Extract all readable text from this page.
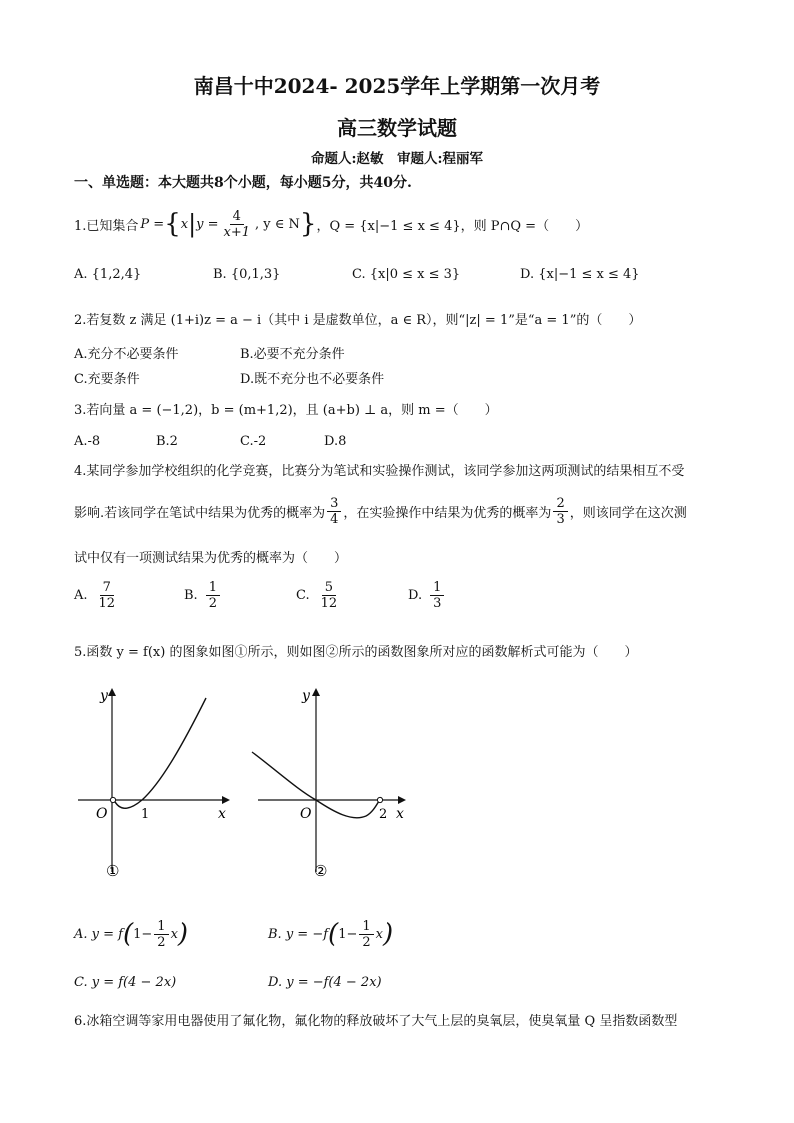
南昌十中2024- 2025学年上学期第一次月考
高三数学试题
命题人:赵敏　审题人:程丽军
一、单选题：本大题共8个小题，每小题5分，共40分.
1.已知集合 P = { x | $y = \frac{4}{x+1}$ , y ∈ N } ，Q = {x|−1 ≤ x ≤ 4}，则 P∩Q =（　　）
A. {1,2,4}	B. {0,1,3}	C. {x|0 ≤ x ≤ 3}	D. {x|−1 ≤ x ≤ 4}
2.若复数 z 满足 (1+i)z = a − i（其中 i 是虚数单位，a ∈ R），则“|z| = 1”是“a = 1”的（　　）
A.充分不必要条件	B.必要不充分条件
C.充要条件	D.既不充分也不必要条件
3.若向量 a = (−1,2)，b = (m+1,2)，且 (a+b) ⊥ a，则 m =（　　）
A.-8	B.2	C.-2	D.8
4.某同学参加学校组织的化学竞赛，比赛分为笔试和实验操作测试，该同学参加这两项测试的结果相互不受
影响.若该同学在笔试中结果为优秀的概率为 $\frac{3}{4}$ ，在实验操作中结果为优秀的概率为 $\frac{2}{3}$ ，则该同学在这次测
试中仅有一项测试结果为优秀的概率为（　　）
A. $\frac{7}{12}$	B. $\frac{1}{2}$	C. $\frac{5}{12}$	D. $\frac{1}{3}$
5.函数 y = f(x) 的图象如图①所示，则如图②所示的函数图象所对应的函数解析式可能为（　　）
y
x
O	1
①
y
x
O	2
②
A. y = f ( $1- \frac{1}{2}$ x )	B. y = −f ( $1- \frac{1}{2}$ x )
C. y = f(4 − 2x)	D. y = −f(4 − 2x)
6.冰箱空调等家用电器使用了氟化物，氟化物的释放破坏了大气上层的臭氧层，使臭氧量 Q 呈指数函数型
